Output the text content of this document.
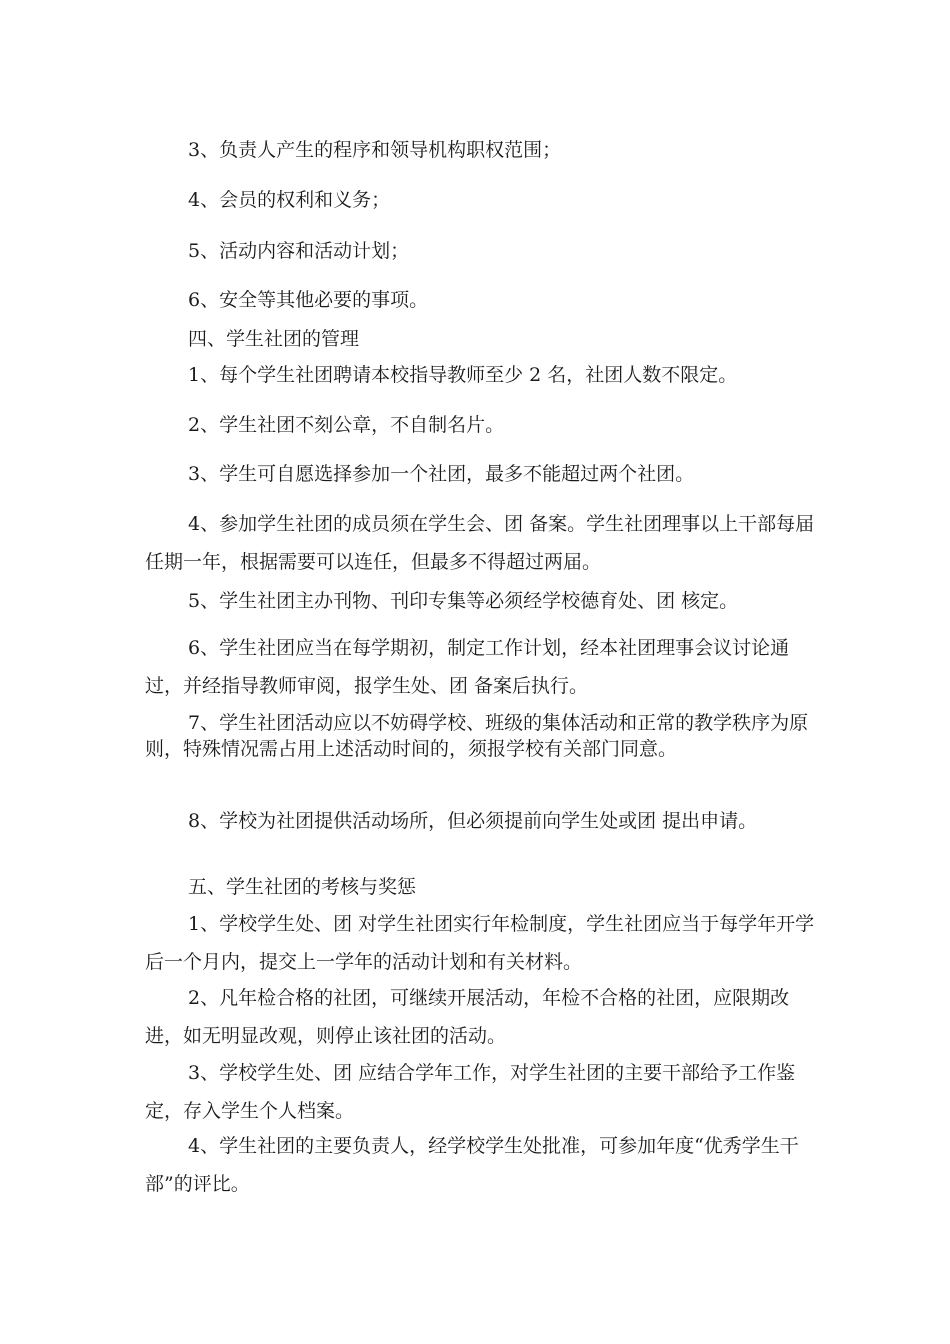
3、负责人产生的程序和领导机构职权范围；
4、会员的权利和义务；
5、活动内容和活动计划；
6、安全等其他必要的事项。
四、学生社团的管理
1、每个学生社团聘请本校指导教师至少 2 名，社团人数不限定。
2、学生社团不刻公章，不自制名片。
3、学生可自愿选择参加一个社团，最多不能超过两个社团。
4、参加学生社团的成员须在学生会、团 备案。学生社团理事以上干部每届任期一年，根据需要可以连任，但最多不得超过两届。
5、学生社团主办刊物、刊印专集等必须经学校德育处、团 核定。
6、学生社团应当在每学期初，制定工作计划，经本社团理事会议讨论通过，并经指导教师审阅，报学生处、团 备案后执行。
7、学生社团活动应以不妨碍学校、班级的集体活动和正常的教学秩序为原则，特殊情况需占用上述活动时间的，须报学校有关部门同意。
8、学校为社团提供活动场所，但必须提前向学生处或团 提出申请。
五、学生社团的考核与奖惩
1、学校学生处、团 对学生社团实行年检制度，学生社团应当于每学年开学后一个月内，提交上一学年的活动计划和有关材料。
2、凡年检合格的社团，可继续开展活动，年检不合格的社团，应限期改进，如无明显改观，则停止该社团的活动。
3、学校学生处、团 应结合学年工作，对学生社团的主要干部给予工作鉴定，存入学生个人档案。
4、学生社团的主要负责人，经学校学生处批准，可参加年度“优秀学生干部”的评比。
